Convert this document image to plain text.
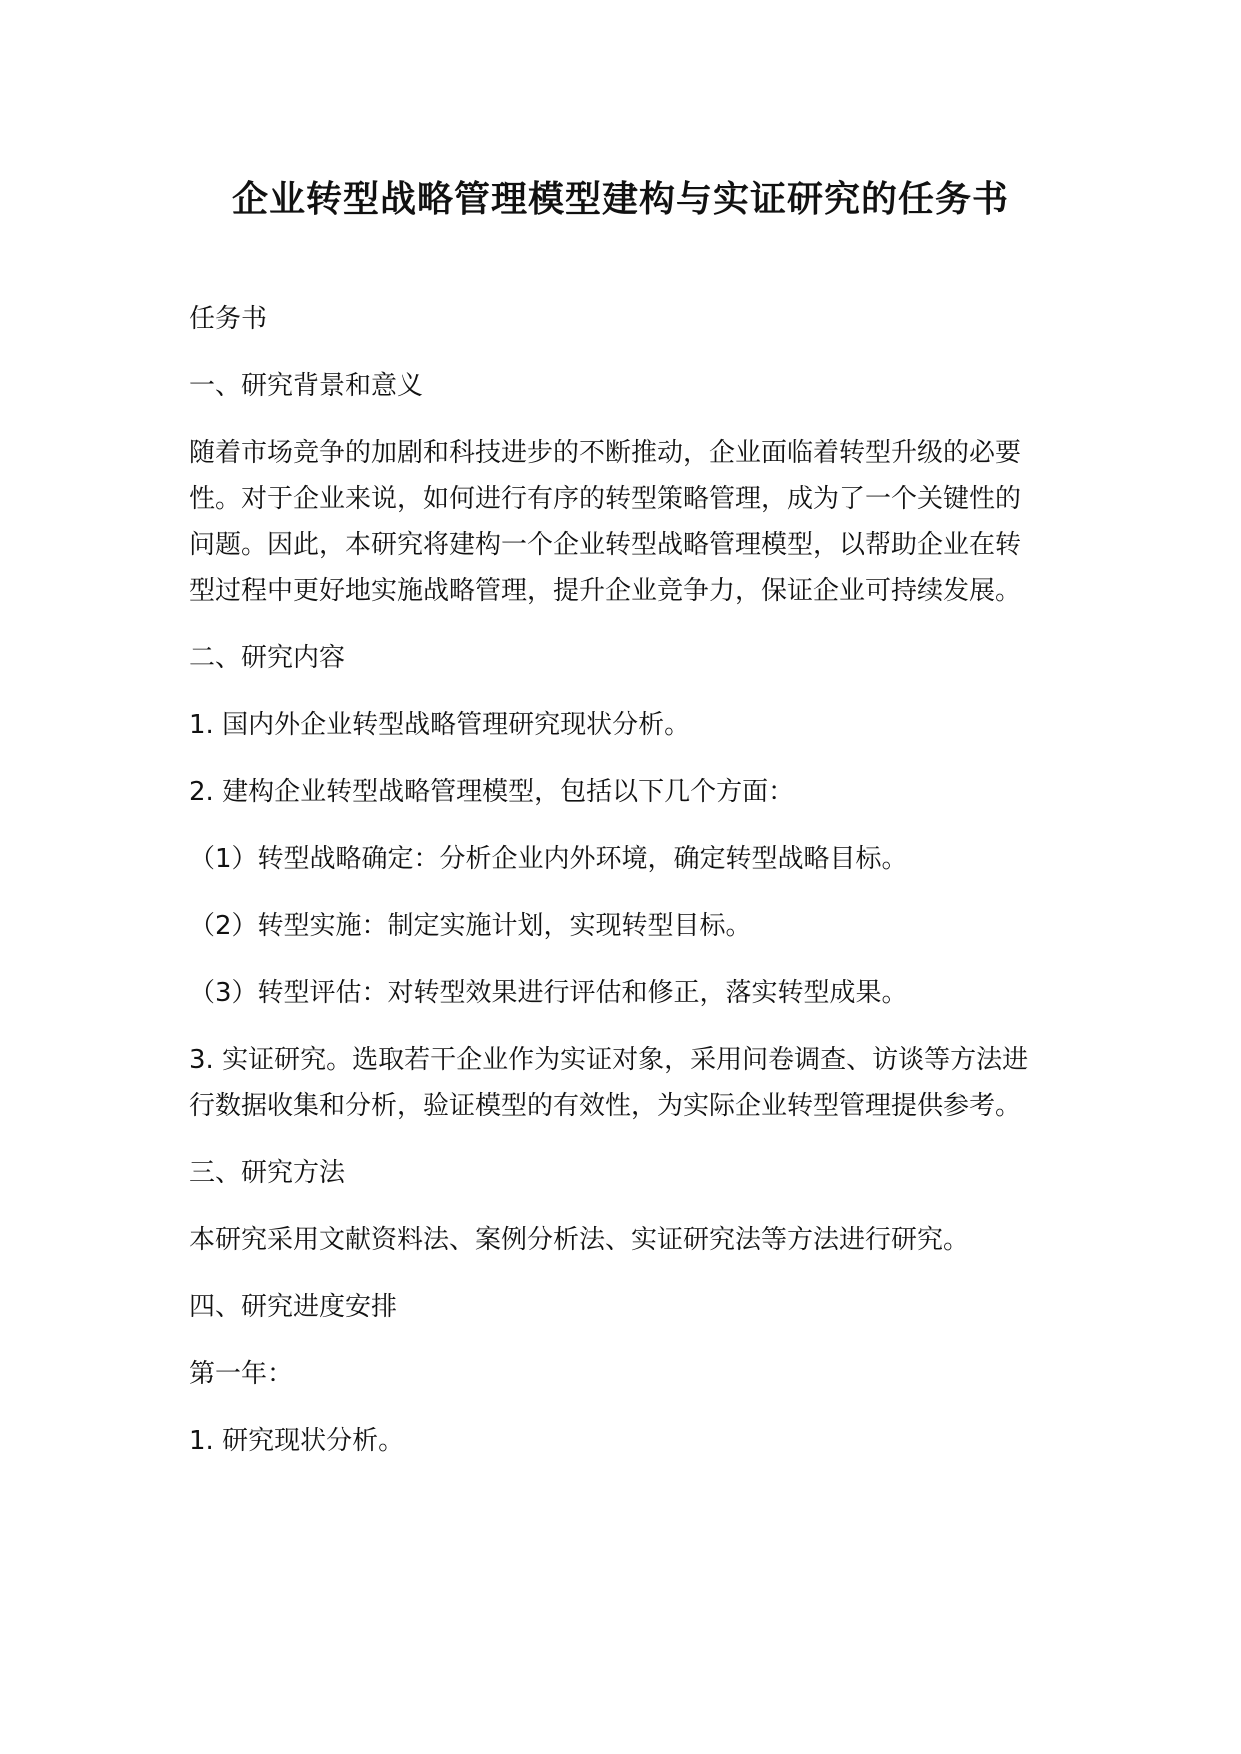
企业转型战略管理模型建构与实证研究的任务书

任务书

一、研究背景和意义

随着市场竞争的加剧和科技进步的不断推动，企业面临着转型升级的必要性。对于企业来说，如何进行有序的转型策略管理，成为了一个关键性的问题。因此，本研究将建构一个企业转型战略管理模型，以帮助企业在转型过程中更好地实施战略管理，提升企业竞争力，保证企业可持续发展。

二、研究内容

1. 国内外企业转型战略管理研究现状分析。

2. 建构企业转型战略管理模型，包括以下几个方面：

（1）转型战略确定：分析企业内外环境，确定转型战略目标。

（2）转型实施：制定实施计划，实现转型目标。

（3）转型评估：对转型效果进行评估和修正，落实转型成果。

3. 实证研究。选取若干企业作为实证对象，采用问卷调查、访谈等方法进行数据收集和分析，验证模型的有效性，为实际企业转型管理提供参考。

三、研究方法

本研究采用文献资料法、案例分析法、实证研究法等方法进行研究。

四、研究进度安排

第一年：

1. 研究现状分析。
